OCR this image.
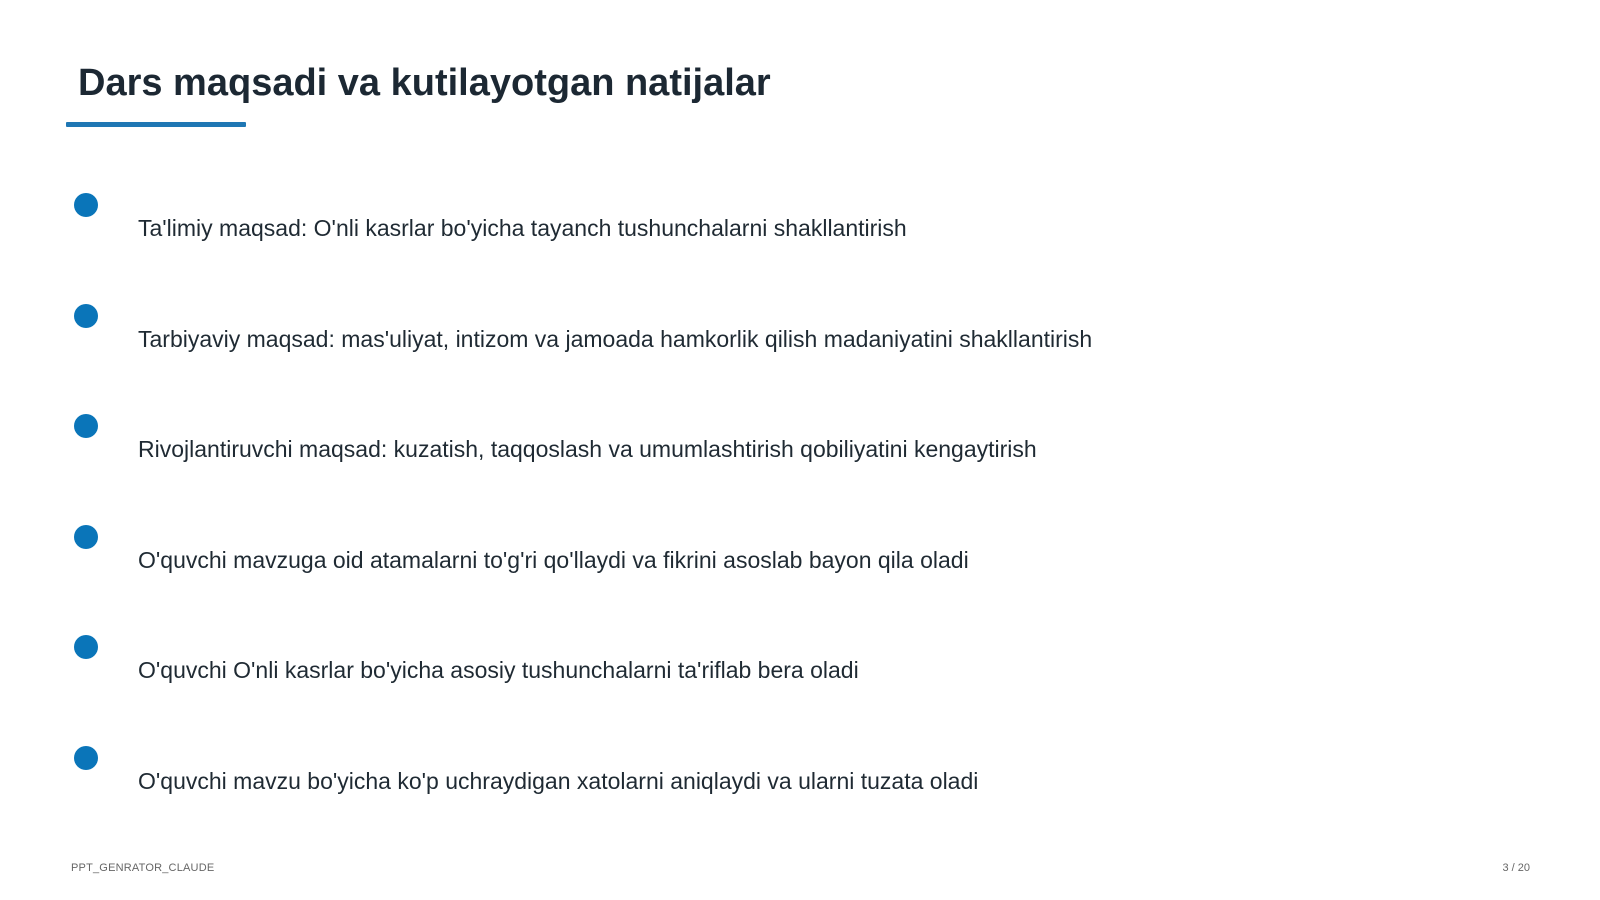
Dars maqsadi va kutilayotgan natijalar
Ta'limiy maqsad: O'nli kasrlar bo'yicha tayanch tushunchalarni shakllantirish
Tarbiyaviy maqsad: mas'uliyat, intizom va jamoada hamkorlik qilish madaniyatini shakllantirish
Rivojlantiruvchi maqsad: kuzatish, taqqoslash va umumlashtirish qobiliyatini kengaytirish
O'quvchi mavzuga oid atamalarni to'g'ri qo'llaydi va fikrini asoslab bayon qila oladi
O'quvchi O'nli kasrlar bo'yicha asosiy tushunchalarni ta'riflab bera oladi
O'quvchi mavzu bo'yicha ko'p uchraydigan xatolarni aniqlaydi va ularni tuzata oladi
PPT_GENRATOR_CLAUDE	3 / 20
